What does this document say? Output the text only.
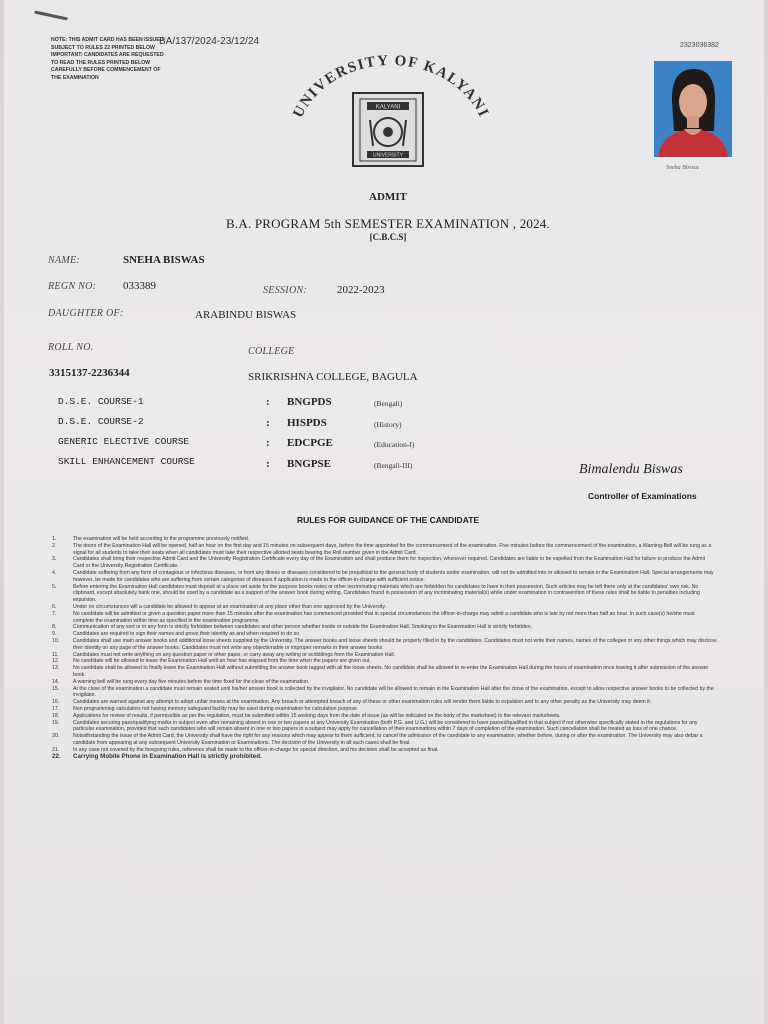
NOTE: THIS ADMIT CARD HAS BEEN ISSUED SUBJECT TO RULES 22 PRINTED BELOW IMPORTANT: CANDIDATES ARE REQUESTED TO READ THE RULES PRINTED BELOW CAREFULLY BEFORE COMMENCEMENT OF THE EXAMINATION
BA/137/2024-23/12/24	2323036382
UNIVERSITY OF KALYANI
KALYANI
UNIVERSITY
Sneha Biswas
ADMIT
B.A. PROGRAM 5th SEMESTER EXAMINATION , 2024.
[C.B.C.S]
NAME:	SNEHA BISWAS
REGN NO: 033389	SESSION:	2022-2023
DAUGHTER OF:	ARABINDU BISWAS
ROLL NO.
3315137-2236344
COLLEGE
SRIKRISHNA COLLEGE, BAGULA
D.S.E. COURSE-1	: BNGPDS	(Bengali)
D.S.E. COURSE-2	: HISPDS	(History)
GENERIC ELECTIVE COURSE	: EDCPGE	(Education-I)
SKILL ENHANCEMENT COURSE	: BNGPSE	(Bengali-III)	Bimalendu Biswas
Controller of Examinations
RULES FOR GUIDANCE OF THE CANDIDATE
1.	The examination will be held according to the programme previously notified.
2.	The doors of the Examination Hall will be opened, half an hour on the first day and 15 minutes on subsequent days, before the time appointed for the commencement of the examination. Five minutes before the commencement of the examination, a Warning-Bell will be rung as a signal for all students to take their seats when all candidates must take their respective allotted seats bearing the Roll number given in the Admit Card.
3.	Candidates shall bring their respective Admit Card and the University Registration Certificate every day of the Examination and shall produce them for inspection, whenever required. Candidates are liable to be expelled from the Examination Hall for failure to produce the Admit Card or the University Registration Certificate.
4.	Candidate suffering from any form of contagious or infectious diseases, or from any illness or diseases considered to be prejudicial to the general body of students under examination, will not be admitted into or allowed to remain in the Examination Hall. Special arrangements may however, be made for candidates who are suffering from certain categories of diseases if application is made to the officer-in-charge with sufficient notice.
5.	Before entering the Examination Hall candidates must deposit at a place set aside for the purpose books notes or other incriminating materials which are forbidden for candidates to have in their possession. Such articles may be left there only at the candidates' own risk. No clipboard, except absolutely bank one, should be used by a candidate as a support of the answer book during writing. Candidates found in possession of any incriminating material(s) while under examination in contravention of these rules shall be liable to penalties including expulsion.
6.	Under no circumstances will a candidate be allowed to appear at an examination at any place other than one approved by the University.
7.	No candidate will be admitted or given a question paper more than 15 minutes after the examination has commenced provided that in special circumstances the officer-in-charge may admit a candidate who is late by not more than half an hour. In such case(s) he/she must complete the examination within time as specified in the examination programme.
8.	Communication of any sort or in any form is strictly forbidden between candidates and other person whether inside or outside the Examination Hall. Smoking in the Examination Hall is strictly forbidden.
9.	Candidates are required to sign their names and prove their identity as and when required to do so.
10.	Candidates shall use main answer books and additional loose sheets supplied by the University. The answer books and loose sheets should be properly filled in by the candidates. Candidates must not write their names, names of the colleges or any other things which may disclose their identity on any page of the answer books. Candidates must not write any objectionable or improper remarks in their answer books.
11.	Candidates must not write anything on any question paper or other paper, or carry away any writing or scribblings from the Examination Hall.
12.	No candidate will be allowed to leave the Examination Hall until an hour has elapsed from the time when the papers are given out.
13.	No candidate shall be allowed to finally leave the Examination Hall without submitting the answer book tagged with all the loose sheets. No candidate shall be allowed to re-enter the Examination Hall during the hours of examination once leaving it after submission of the answer book.
14.	A warning bell will be rung every day five minutes before the time fixed for the close of the examination.
15.	At the close of the examination a candidate must remain seated until his/her answer book is collected by the invigilator. No candidate will be allowed to remain in the Examination Hall after the close of the examination, except to allow respective answer books to be collected by the invigilator.
16.	Candidates are warned against any attempt to adopt unfair means at the examination. Any breach or attempted breach of any of these or other examination rules will render them liable to expulsion and to any other penalty as the University may deem it.
17.	Non programming calculators not having memory safeguard facility may be used during examination for calculation purpose.
18.	Applications for review of results, if permissible as per the regulation, must be submitted within 15 working days from the date of issue (as will be indicated on the body of the marksheet) to the relevant marksheets.
19.	Candidates securing pass/qualifying marks in subject even after remaining absent in one or two papers at any University Examination (both P.G. and U.G.) will be considered to have passed/qualified in that subject if not otherwise specifically stated in the regulations for any particular examination, provided that such candidates who will remain absent in one or two papers in a subject may apply for cancellation of their examinations within 7 days of completion of the examination. Such cancellation shall be treated as loss of one chance.
20.	Notwithstanding the issue of the Admit Card, the University shall have the right for any reasons which may appear to them sufficient, to cancel the admission of the candidate to any examination, whether before, during or after the examination. The University may also debar a candidate from appearing at any subsequent University Examination or Examinations. The decision of the University in all such cases shall be final.
21.	In any case not covered by the foregoing rules, reference shall be made to the officer-in-charge for special direction, and his decision shall be accepted as final.
22.	Carrying Mobile Phone in Examination Hall is strictly prohibited.
